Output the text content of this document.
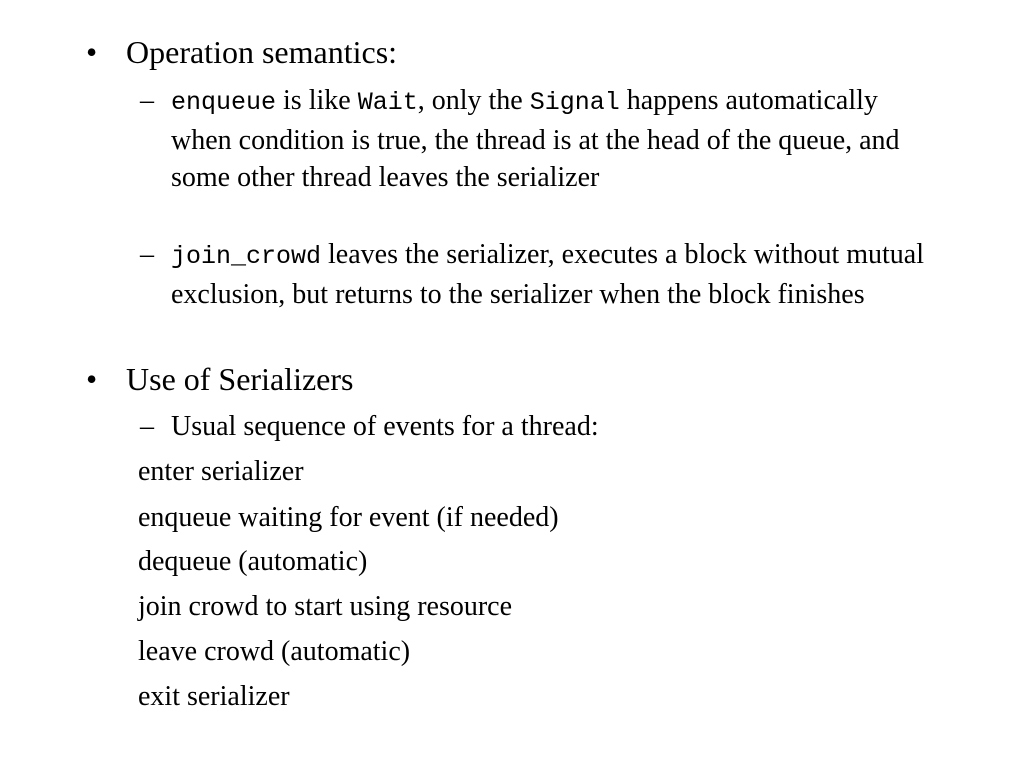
• Operation semantics:
– enqueue is like Wait, only the Signal happens automatically when condition is true, the thread is at the head of the queue, and some other thread leaves the serializer
– join_crowd leaves the serializer, executes a block without mutual exclusion, but returns to the serializer when the block finishes
• Use of Serializers
– Usual sequence of events for a thread:
enter serializer
enqueue waiting for event (if needed)
dequeue (automatic)
join crowd to start using resource
leave crowd (automatic)
exit serializer
